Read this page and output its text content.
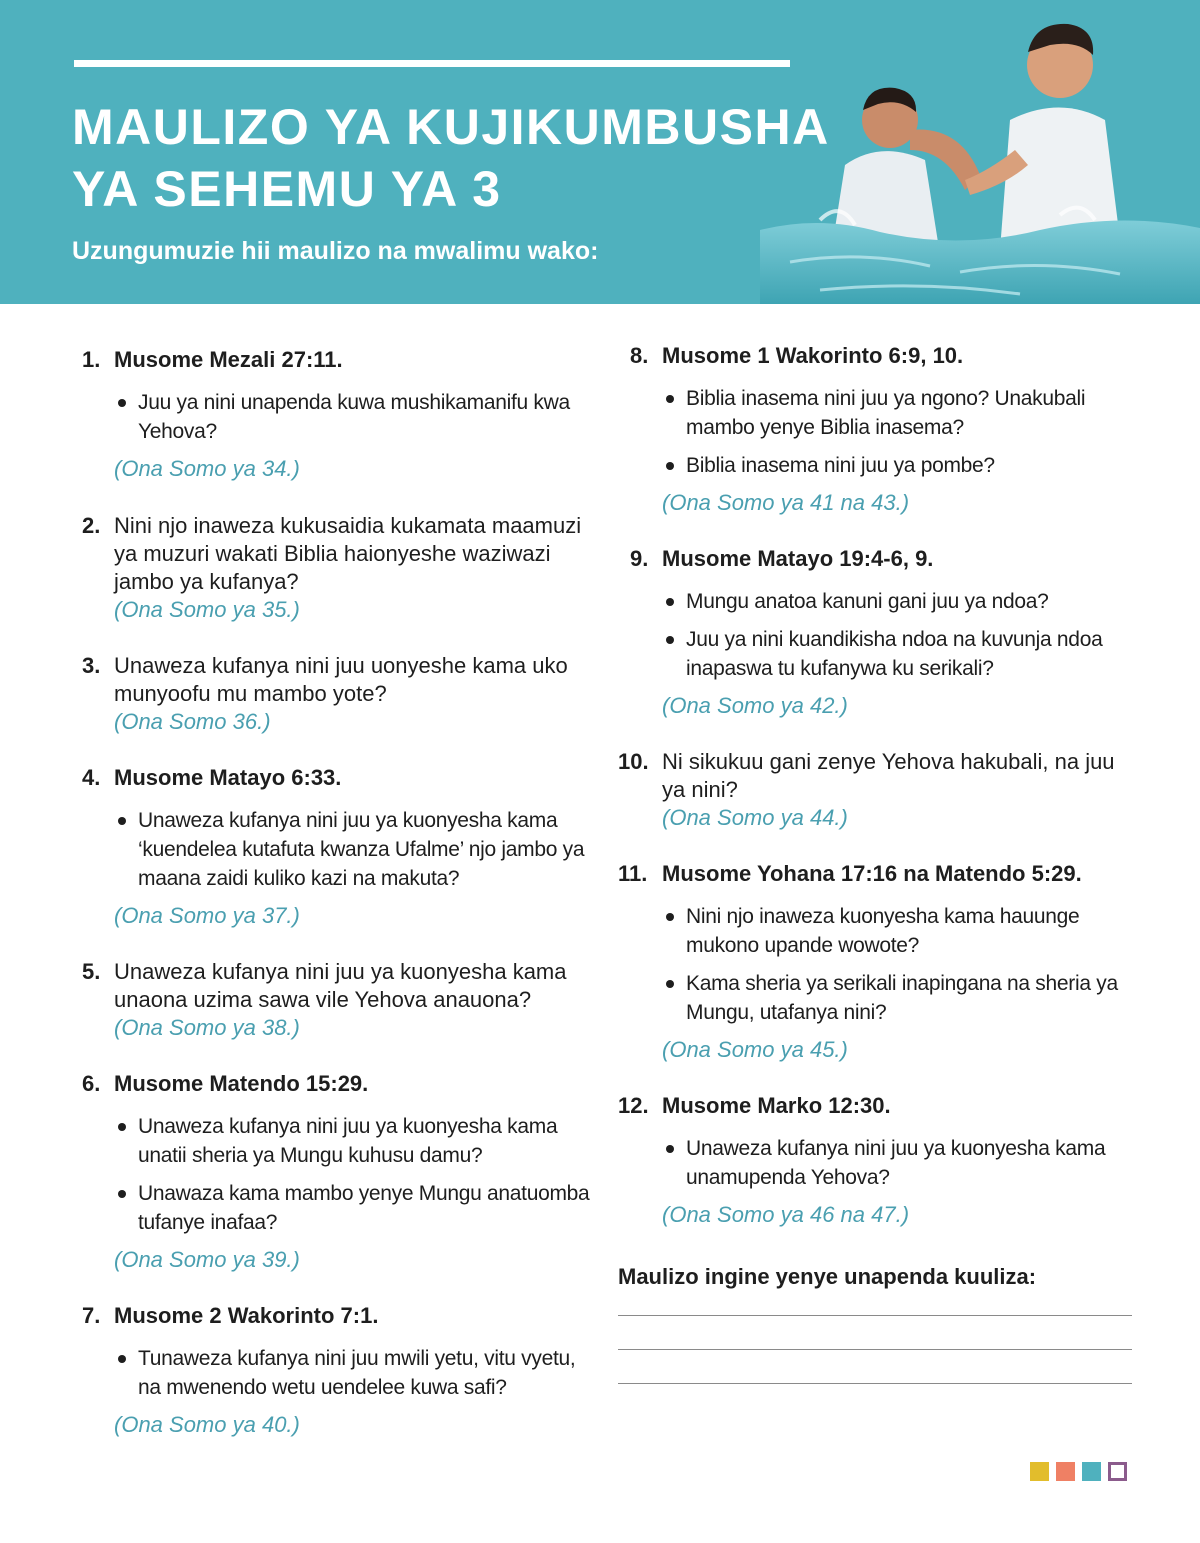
MAULIZO YA KUJIKUMBUSHA
YA SEHEMU YA 3
Uzungumuzie hii maulizo na mwalimu wako:
1. Musome Mezali 27:11.
Juu ya nini unapenda kuwa mushikamanifu kwa Yehova?
(Ona Somo ya 34.)
2. Nini njo inaweza kukusaidia kukamata maamuzi ya muzuri wakati Biblia haionyeshe waziwazi jambo ya kufanya?
(Ona Somo ya 35.)
3. Unaweza kufanya nini juu uonyeshe kama uko munyoofu mu mambo yote?
(Ona Somo 36.)
4. Musome Matayo 6:33.
Unaweza kufanya nini juu ya kuonyesha kama ‘kuendelea kutafuta kwanza Ufalme’ njo jambo ya maana zaidi kuliko kazi na makuta?
(Ona Somo ya 37.)
5. Unaweza kufanya nini juu ya kuonyesha kama unaona uzima sawa vile Yehova anauona?
(Ona Somo ya 38.)
6. Musome Matendo 15:29.
Unaweza kufanya nini juu ya kuonyesha kama unatii sheria ya Mungu kuhusu damu?
Unawaza kama mambo yenye Mungu anatuomba tufanye inafaa?
(Ona Somo ya 39.)
7. Musome 2 Wakorinto 7:1.
Tunaweza kufanya nini juu mwili yetu, vitu vyetu, na mwenendo wetu uendelee kuwa safi?
(Ona Somo ya 40.)
8. Musome 1 Wakorinto 6:9, 10.
Biblia inasema nini juu ya ngono? Unakubali mambo yenye Biblia inasema?
Biblia inasema nini juu ya pombe?
(Ona Somo ya 41 na 43.)
9. Musome Matayo 19:4-6, 9.
Mungu anatoa kanuni gani juu ya ndoa?
Juu ya nini kuandikisha ndoa na kuvunja ndoa inapaswa tu kufanywa ku serikali?
(Ona Somo ya 42.)
10. Ni sikukuu gani zenye Yehova hakubali, na juu ya nini?
(Ona Somo ya 44.)
11. Musome Yohana 17:16 na Matendo 5:29.
Nini njo inaweza kuonyesha kama hauunge mukono upande wowote?
Kama sheria ya serikali inapingana na sheria ya Mungu, utafanya nini?
(Ona Somo ya 45.)
12. Musome Marko 12:30.
Unaweza kufanya nini juu ya kuonyesha kama unamupenda Yehova?
(Ona Somo ya 46 na 47.)
Maulizo ingine yenye unapenda kuuliza:
